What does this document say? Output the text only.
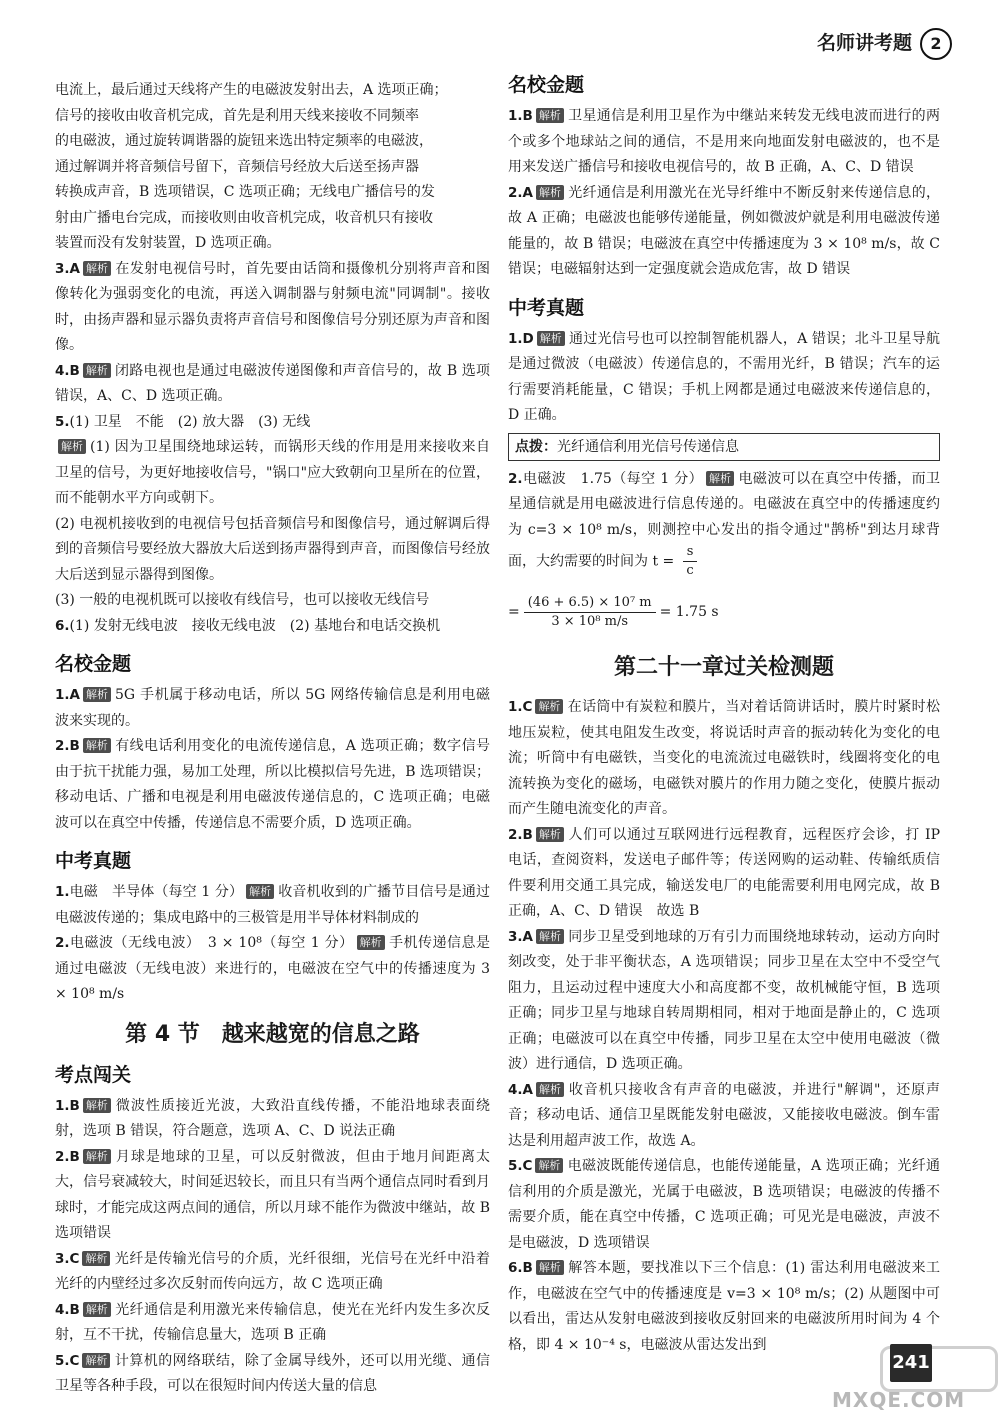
名师讲考题	2

电流上，最后通过天线将产生的电磁波发射出去，A 选项正确；

信号的接收由收音机完成，首先是利用天线来接收不同频率

的电磁波，通过旋转调谐器的旋钮来选出特定频率的电磁波，

通过解调并将音频信号留下，音频信号经放大后送至扬声器

转换成声音，B 选项错误，C 选项正确；无线电广播信号的发

射由广播电台完成，而接收则由收音机完成，收音机只有接收

装置而没有发射装置，D 选项正确。

3.A 解析 在发射电视信号时，首先要由话筒和摄像机分别将声音和图像转化为强弱变化的电流，再送入调制器与射频电流"同调制"。接收时，由扬声器和显示器负责将声音信号和图像信号分别还原为声音和图像。

4.B 解析 闭路电视也是通过电磁波传递图像和声音信号的，故 B 选项错误，A、C、D 选项正确。

5.(1) 卫星　不能　(2) 放大器　(3) 无线

解析 (1) 因为卫星围绕地球运转，而锅形天线的作用是用来接收来自卫星的信号，为更好地接收信号，"锅口"应大致朝向卫星所在的位置，而不能朝水平方向或朝下。

(2) 电视机接收到的电视信号包括音频信号和图像信号，通过解调后得到的音频信号要经放大器放大后送到扬声器得到声音，而图像信号经放大后送到显示器得到图像。

(3) 一般的电视机既可以接收有线信号，也可以接收无线信号

6.(1) 发射无线电波　接收无线电波　(2) 基地台和电话交换机

名校金题

1.A 解析 5G 手机属于移动电话，所以 5G 网络传输信息是利用电磁波来实现的。

2.B 解析 有线电话利用变化的电流传递信息，A 选项正确；数字信号由于抗干扰能力强，易加工处理，所以比模拟信号先进，B 选项错误；移动电话、广播和电视是利用电磁波传递信息的，C 选项正确；电磁波可以在真空中传播，传递信息不需要介质，D 选项正确。

中考真题

1.电磁　半导体（每空 1 分） 解析 收音机收到的广播节目信号是通过电磁波传递的；集成电路中的三极管是用半导体材料制成的

2.电磁波（无线电波）　3 × 10⁸（每空 1 分） 解析 手机传递信息是通过电磁波（无线电波）来进行的，电磁波在空气中的传播速度为 3 × 10⁸ m/s

第 4 节　越来越宽的信息之路
考点闯关

1.B 解析 微波性质接近光波，大致沿直线传播，不能沿地球表面绕射，选项 B 错误，符合题意，选项 A、C、D 说法正确

2.B 解析 月球是地球的卫星，可以反射微波，但由于地月间距离太大，信号衰减较大，时间延迟较长，而且只有当两个通信点同时看到月球时，才能完成这两点间的通信，所以月球不能作为微波中继站，故 B 选项错误

3.C 解析 光纤是传输光信号的介质，光纤很细，光信号在光纤中沿着光纤的内壁经过多次反射而传向远方，故 C 选项正确

4.B 解析 光纤通信是利用激光来传输信息，使光在光纤内发生多次反射，互不干扰，传输信息量大，选项 B 正确

5.C 解析 计算机的网络联结，除了金属导线外，还可以用光缆、通信卫星等各种手段，可以在很短时间内传送大量的信息

名校金题

1.B 解析 卫星通信是利用卫星作为中继站来转发无线电波而进行的两个或多个地球站之间的通信，不是用来向地面发射电磁波的，也不是用来发送广播信号和接收电视信号的，故 B 正确，A、C、D 错误

2.A 解析 光纤通信是利用激光在光导纤维中不断反射来传递信息的，故 A 正确；电磁波也能够传递能量，例如微波炉就是利用电磁波传递能量的，故 B 错误；电磁波在真空中传播速度为 3 × 10⁸ m/s，故 C 错误；电磁辐射达到一定强度就会造成危害，故 D 错误

中考真题

1.D 解析 通过光信号也可以控制智能机器人，A 错误；北斗卫星导航是通过微波（电磁波）传递信息的，不需用光纤，B 错误；汽车的运行需要消耗能量，C 错误；手机上网都是通过电磁波来传递信息的，D 正确。

点拨：光纤通信利用光信号传递信息

2.电磁波　1.75（每空 1 分） 解析 电磁波可以在真空中传播，而卫星通信就是用电磁波进行信息传递的。电磁波在真空中的传播速度约为 c=3 × 10⁸ m/s，则测控中心发出的指令通过"鹊桥"到达月球背面，大约需要的时间为 $t = \frac{s}{c}$

= $\frac{\text{(46 + 6.5) × 10⁷ m}}{\text{3 × 10⁸ m/s}} = 1.75$ s
第二十一章过关检测题

1.C 解析 在话筒中有炭粒和膜片，当对着话筒讲话时，膜片时紧时松地压炭粒，使其电阻发生改变，将说话时声音的振动转化为变化的电流；听筒中有电磁铁，当变化的电流流过电磁铁时，线圈将变化的电流转换为变化的磁场，电磁铁对膜片的作用力随之变化，使膜片振动而产生随电流变化的声音。

2.B 解析 人们可以通过互联网进行远程教育，远程医疗会诊，打 IP 电话，查阅资料，发送电子邮件等；传送网购的运动鞋、传输纸质信件要利用交通工具完成，输送发电厂的电能需要利用电网完成，故 B 正确，A、C、D 错误　故选 B

3.A 解析 同步卫星受到地球的万有引力而围绕地球转动，运动方向时刻改变，处于非平衡状态，A 选项错误；同步卫星在太空中不受空气阻力，且运动过程中速度大小和高度都不变，故机械能守恒，B 选项正确；同步卫星与地球自转周期相同，相对于地面是静止的，C 选项正确；电磁波可以在真空中传播，同步卫星在太空中使用电磁波（微波）进行通信，D 选项正确。

4.A 解析 收音机只接收含有声音的电磁波，并进行"解调"，还原声音；移动电话、通信卫星既能发射电磁波，又能接收电磁波。倒车雷达是利用超声波工作，故选 A。

5.C 解析 电磁波既能传递信息，也能传递能量，A 选项正确；光纤通信利用的介质是激光，光属于电磁波，B 选项错误；电磁波的传播不需要介质，能在真空中传播，C 选项正确；可见光是电磁波，声波不是电磁波，D 选项错误

6.B 解析 解答本题，要找准以下三个信息：(1) 雷达利用电磁波来工作，电磁波在空气中的传播速度是 v=3 × 10⁸ m/s；(2) 从题图中可以看出，雷达从发射电磁波到接收反射回来的电磁波所用时间为 4 个格，即 4 × 10⁻⁴ s，电磁波从雷达发出到

241
MXQE.COM
